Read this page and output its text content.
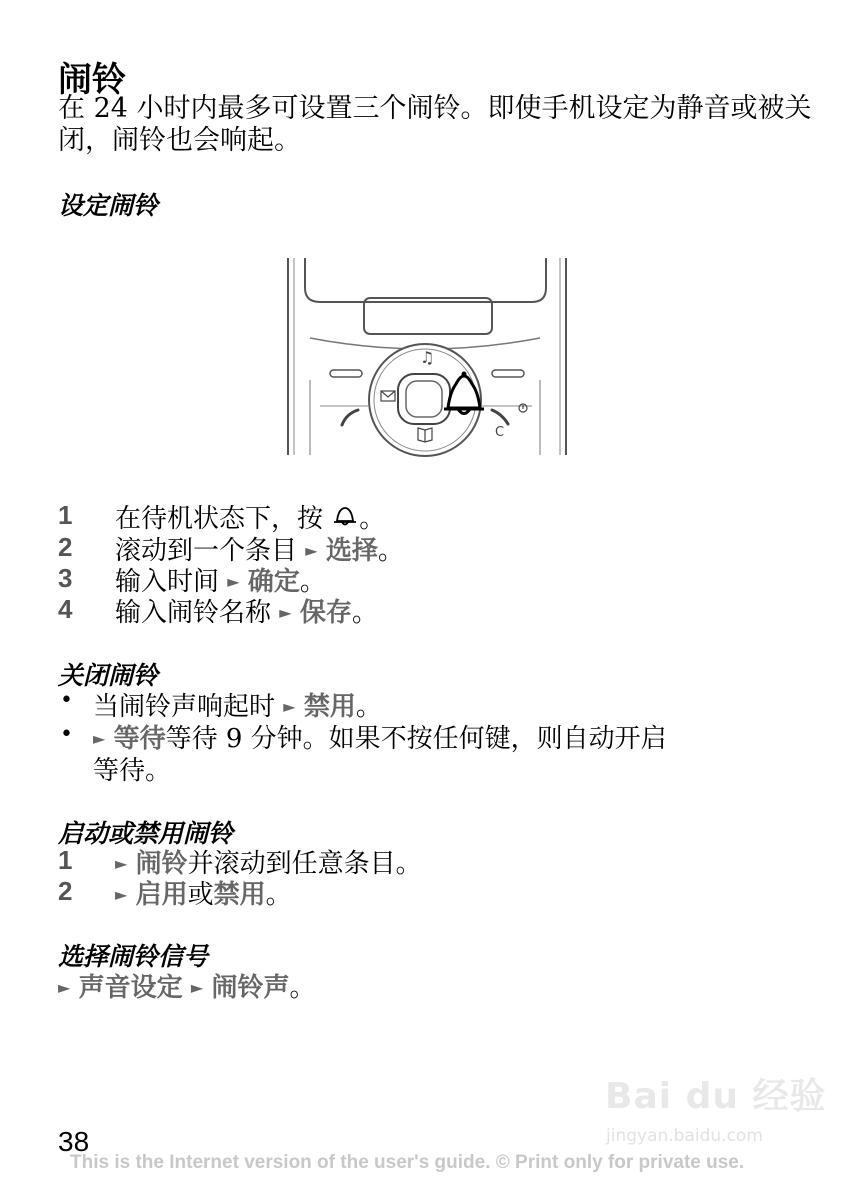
闹铃
在 24 小时内最多可设置三个闹铃。即使手机设定为静音或被关闭，闹铃也会响起。
设定闹铃
♫
C
1 在待机状态下，按 。
2 滚动到一个条目 ► 选择。
3 输入时间 ► 确定。
4 输入闹铃名称 ► 保存。
关闭闹铃
• 当闹铃声响起时 ► 禁用。
• ► 等待等待 9 分钟。如果不按任何键，则自动开启
等待。
启动或禁用闹铃
1	► 闹铃并滚动到任意条目。
2	► 启用或禁用。
选择闹铃信号
► 声音设定 ► 闹铃声。
Bai du 经验
jingyan.baidu.com
38
This is the Internet version of the user's guide. © Print only for private use.
